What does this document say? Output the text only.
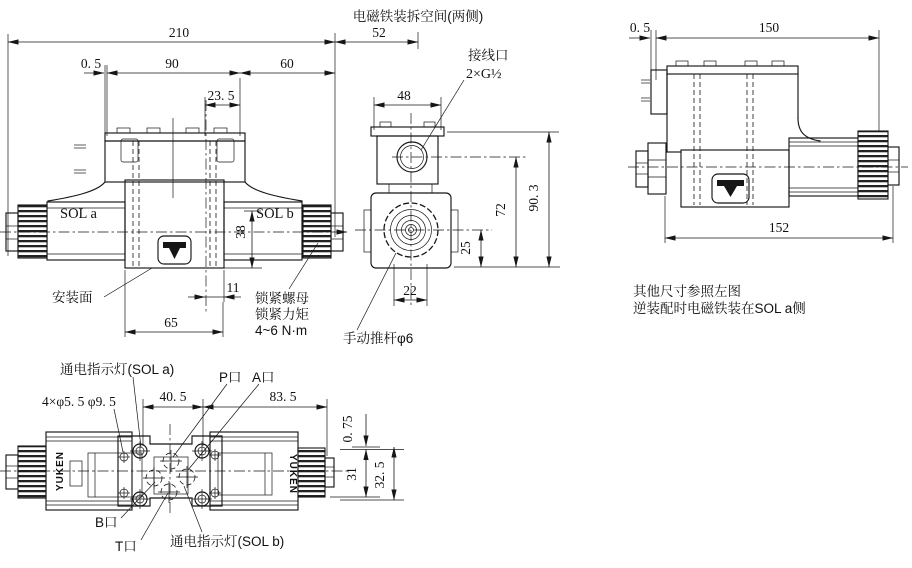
210
0. 5	90	60
23. 5
SOL a	SOL b
38
11
65
安装面	锁紧螺母
锁紧力矩
4~6 N·m
电磁铁装拆空间(两侧)
52
48
接线口
2×G½
72 90. 3
25
22
手动推杆φ6
0. 5	150
152
其他尺寸参照左图
逆装配时电磁铁装在SOL a侧
通电指示灯(SOL a)
4×φ5. 5 φ9. 5	40. 5	83. 5
P口 A口
YUKEN	YUKEN
0. 75
31 32. 5
B口
T口 通电指示灯(SOL b)
